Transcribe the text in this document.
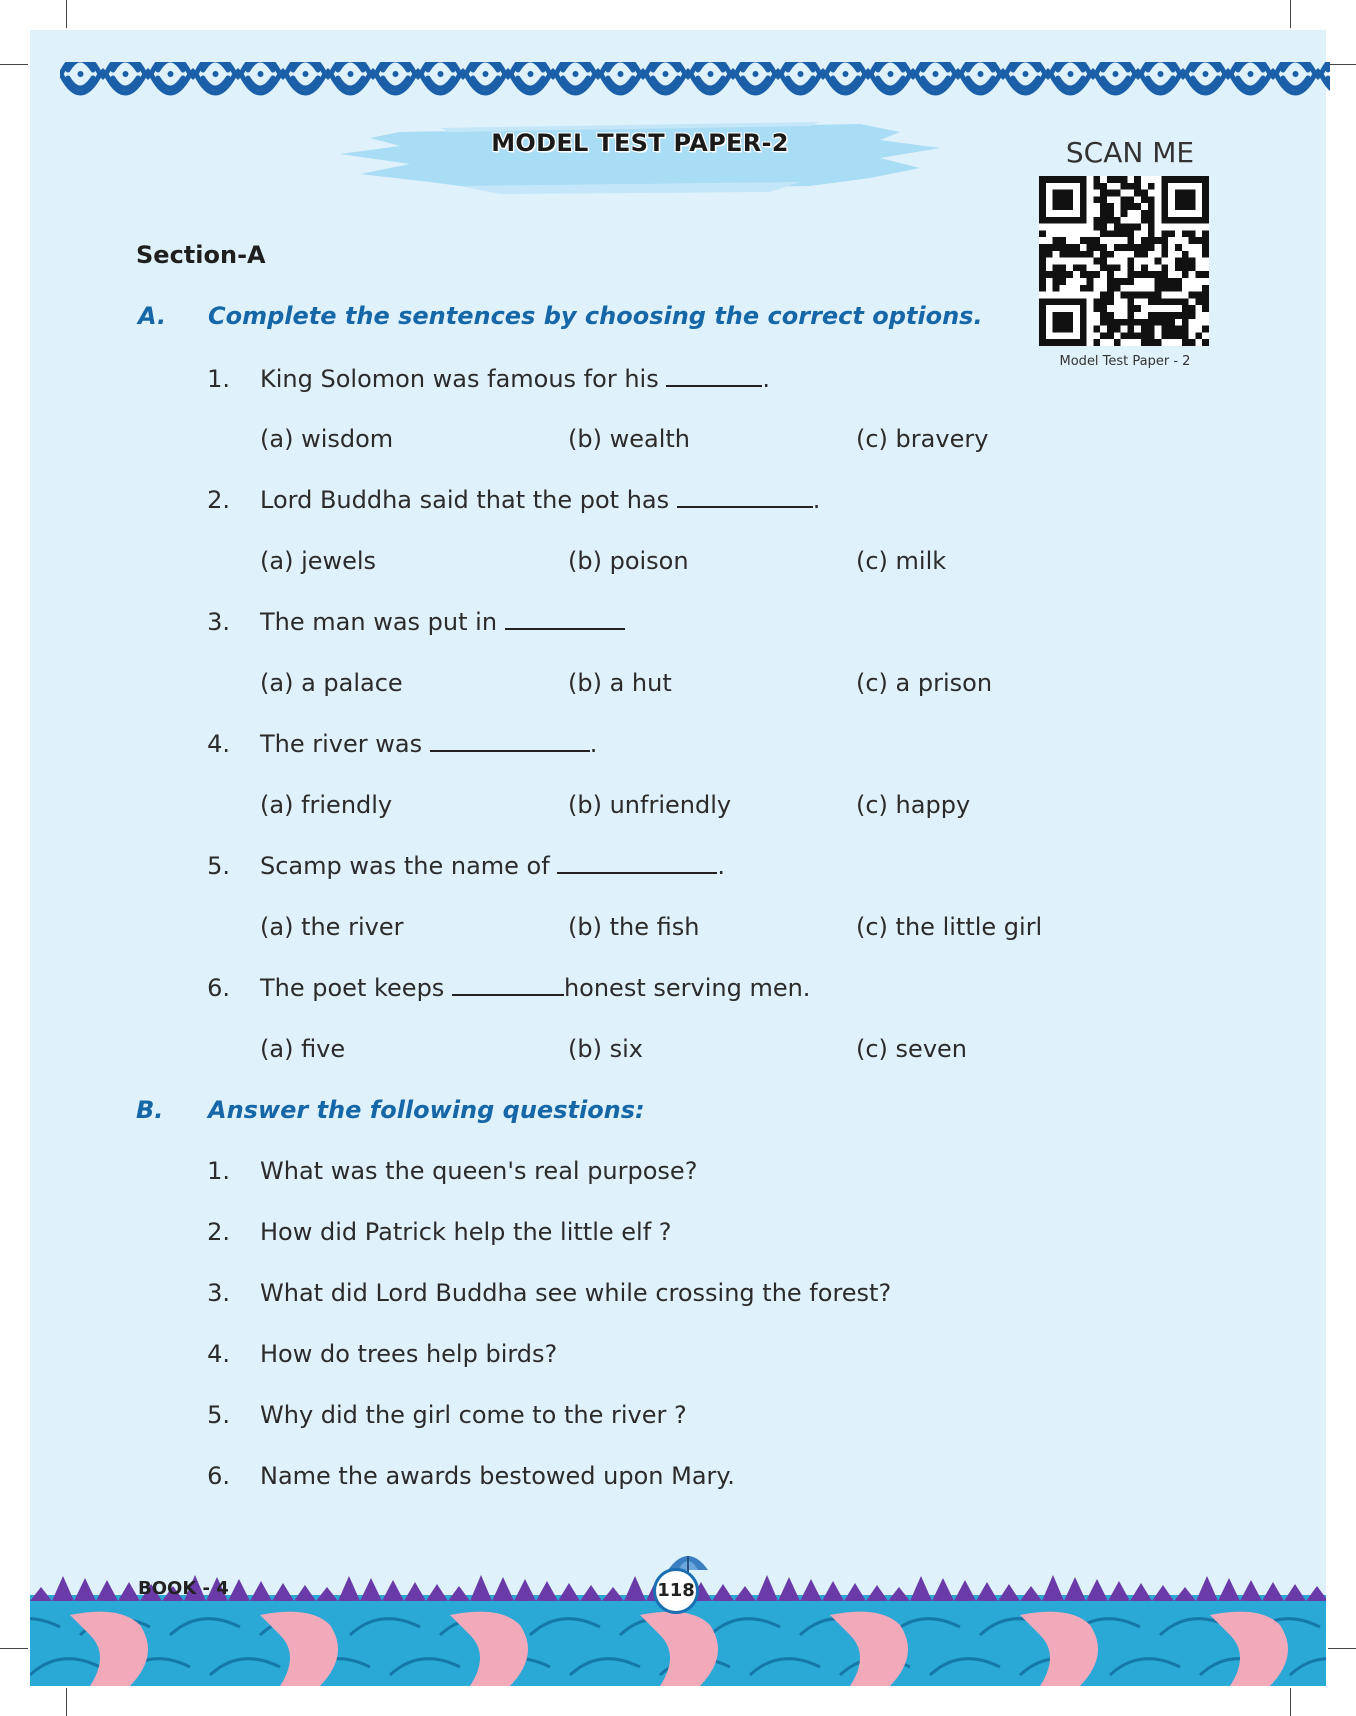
MODEL TEST PAPER-2	SCAN ME
Model Test Paper - 2
Section-A
A. Complete the sentences by choosing the correct options.
1. King Solomon was famous for his	.
(a) wisdom	(b) wealth	(c) bravery
2. Lord Buddha said that the pot has	.
(a) jewels	(b) poison	(c) milk
3. The man was put in
(a) a palace	(b) a hut	(c) a prison
4. The river was	.
(a) friendly	(b) unfriendly	(c) happy
5. Scamp was the name of	.
(a) the river	(b) the fish	(c) the little girl
6. The poet keeps	honest serving men.
(a) five	(b) six	(c) seven
B. Answer the following questions:
1. What was the queen's real purpose?
2. How did Patrick help the little elf ?
3. What did Lord Buddha see while crossing the forest?
4. How do trees help birds?
5. Why did the girl come to the river ?
6. Name the awards bestowed upon Mary.
BOOK - 4	118
